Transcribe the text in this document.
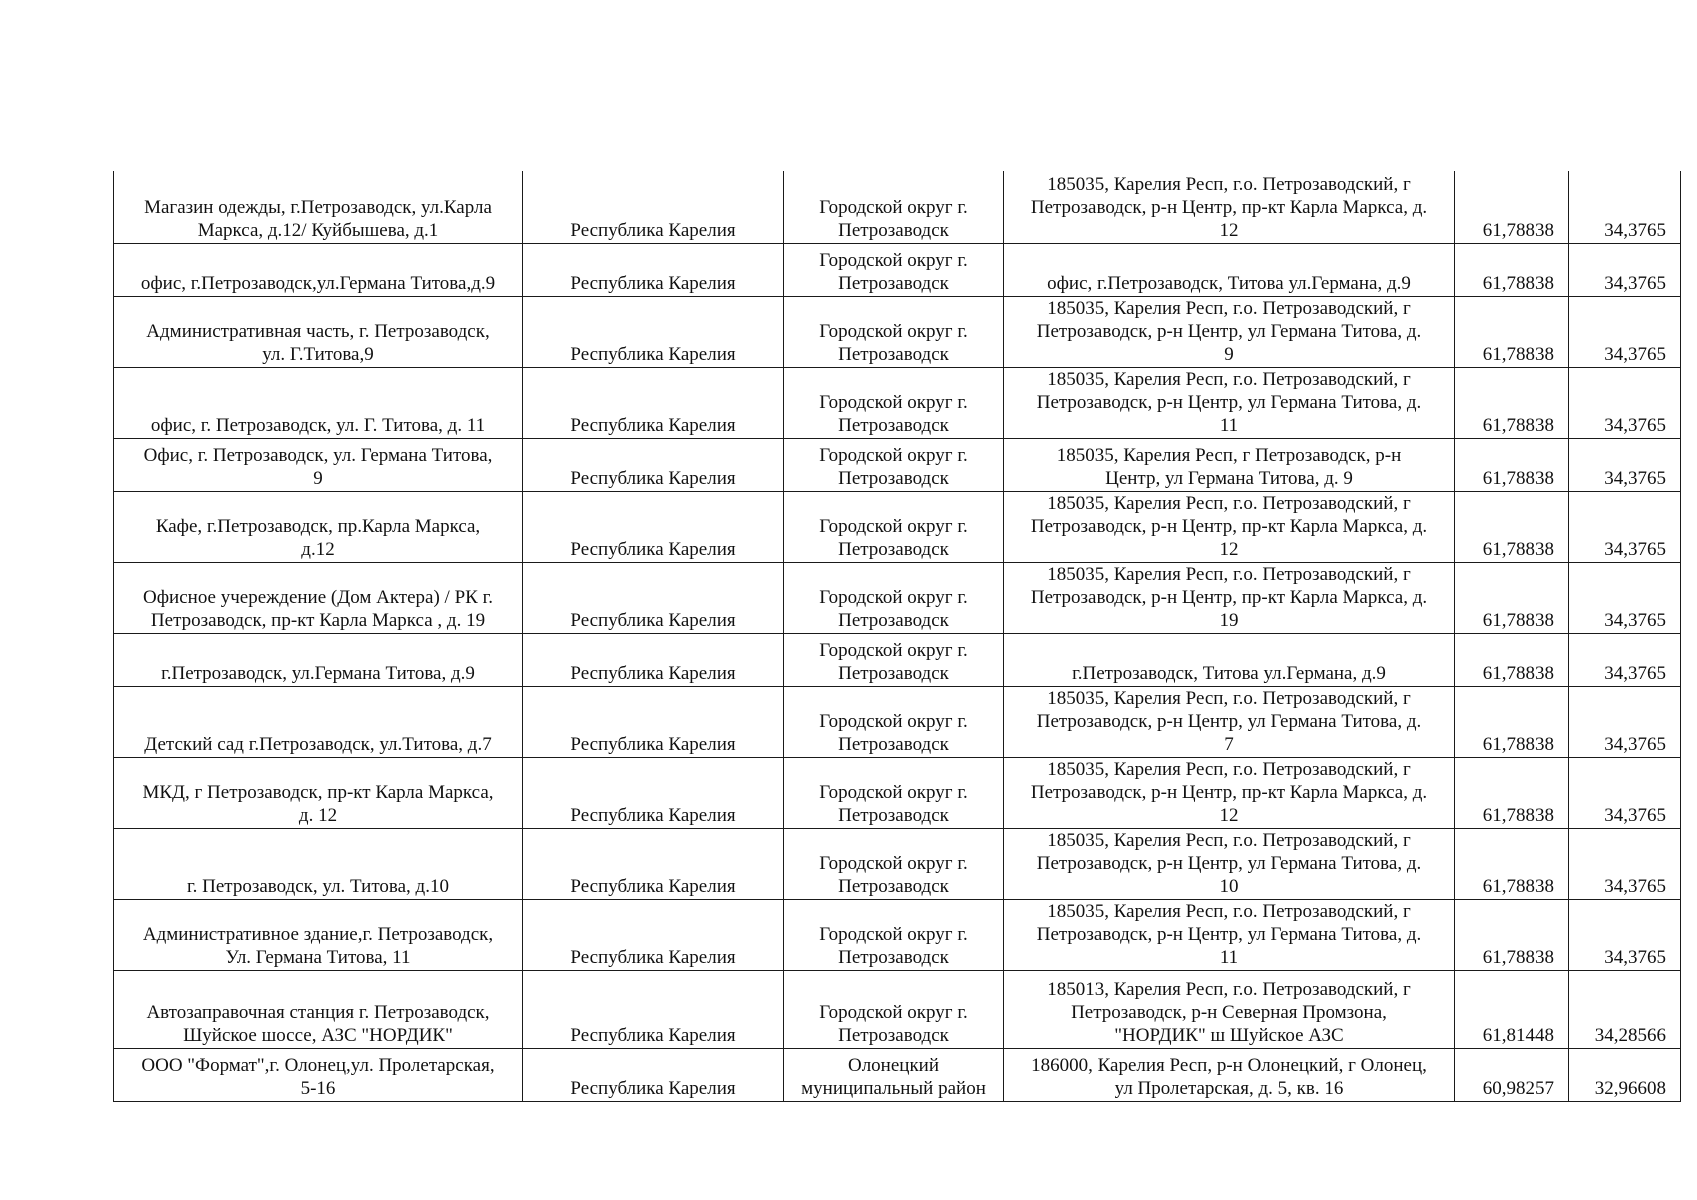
Магазин одежды, г.Петрозаводск, ул.Карла
Маркса, д.12/ Куйбышева, д.1	Республика Карелия	Городской округ г.
Петрозаводск	185035, Карелия Респ, г.о. Петрозаводский, г
Петрозаводск, р-н Центр, пр-кт Карла Маркса, д.
12	61,78838	34,3765
офис, г.Петрозаводск,ул.Германа Титова,д.9	Республика Карелия	Городской округ г.
Петрозаводск	офис, г.Петрозаводск, Титова ул.Германа, д.9	61,78838	34,3765
Административная часть, г. Петрозаводск,
ул. Г.Титова,9	Республика Карелия	Городской округ г.
Петрозаводск	185035, Карелия Респ, г.о. Петрозаводский, г
Петрозаводск, р-н Центр, ул Германа Титова, д.
9	61,78838	34,3765
офис, г. Петрозаводск, ул. Г. Титова, д. 11	Республика Карелия	Городской округ г.
Петрозаводск	185035, Карелия Респ, г.о. Петрозаводский, г
Петрозаводск, р-н Центр, ул Германа Титова, д.
11	61,78838	34,3765
Офис, г. Петрозаводск, ул. Германа Титова,
9	Республика Карелия	Городской округ г.
Петрозаводск	185035, Карелия Респ, г Петрозаводск, р-н
Центр, ул Германа Титова, д. 9	61,78838	34,3765
Кафе, г.Петрозаводск, пр.Карла Маркса,
д.12	Республика Карелия	Городской округ г.
Петрозаводск	185035, Карелия Респ, г.о. Петрозаводский, г
Петрозаводск, р-н Центр, пр-кт Карла Маркса, д.
12	61,78838	34,3765
Офисное учереждение (Дом Актера) / РК г.
Петрозаводск, пр-кт Карла Маркса , д. 19	Республика Карелия	Городской округ г.
Петрозаводск	185035, Карелия Респ, г.о. Петрозаводский, г
Петрозаводск, р-н Центр, пр-кт Карла Маркса, д.
19	61,78838	34,3765
г.Петрозаводск, ул.Германа Титова, д.9	Республика Карелия	Городской округ г.
Петрозаводск	г.Петрозаводск, Титова ул.Германа, д.9	61,78838	34,3765
Детский сад г.Петрозаводск, ул.Титова, д.7	Республика Карелия	Городской округ г.
Петрозаводск	185035, Карелия Респ, г.о. Петрозаводский, г
Петрозаводск, р-н Центр, ул Германа Титова, д.
7	61,78838	34,3765
МКД, г Петрозаводск, пр-кт Карла Маркса,
д. 12	Республика Карелия	Городской округ г.
Петрозаводск	185035, Карелия Респ, г.о. Петрозаводский, г
Петрозаводск, р-н Центр, пр-кт Карла Маркса, д.
12	61,78838	34,3765
г. Петрозаводск, ул. Титова, д.10	Республика Карелия	Городской округ г.
Петрозаводск	185035, Карелия Респ, г.о. Петрозаводский, г
Петрозаводск, р-н Центр, ул Германа Титова, д.
10	61,78838	34,3765
Административное здание,г. Петрозаводск,
Ул. Германа Титова, 11	Республика Карелия	Городской округ г.
Петрозаводск	185035, Карелия Респ, г.о. Петрозаводский, г
Петрозаводск, р-н Центр, ул Германа Титова, д.
11	61,78838	34,3765
Автозаправочная станция г. Петрозаводск,
Шуйское шоссе, АЗС "НОРДИК"	Республика Карелия	Городской округ г.
Петрозаводск	185013, Карелия Респ, г.о. Петрозаводский, г
Петрозаводск, р-н Северная Промзона,
"НОРДИК" ш Шуйское АЗС	61,81448	34,28566
ООО "Формат",г. Олонец,ул. Пролетарская,
5-16	Республика Карелия	Олонецкий
муниципальный район	186000, Карелия Респ, р-н Олонецкий, г Олонец,
ул Пролетарская, д. 5, кв. 16	60,98257	32,96608
